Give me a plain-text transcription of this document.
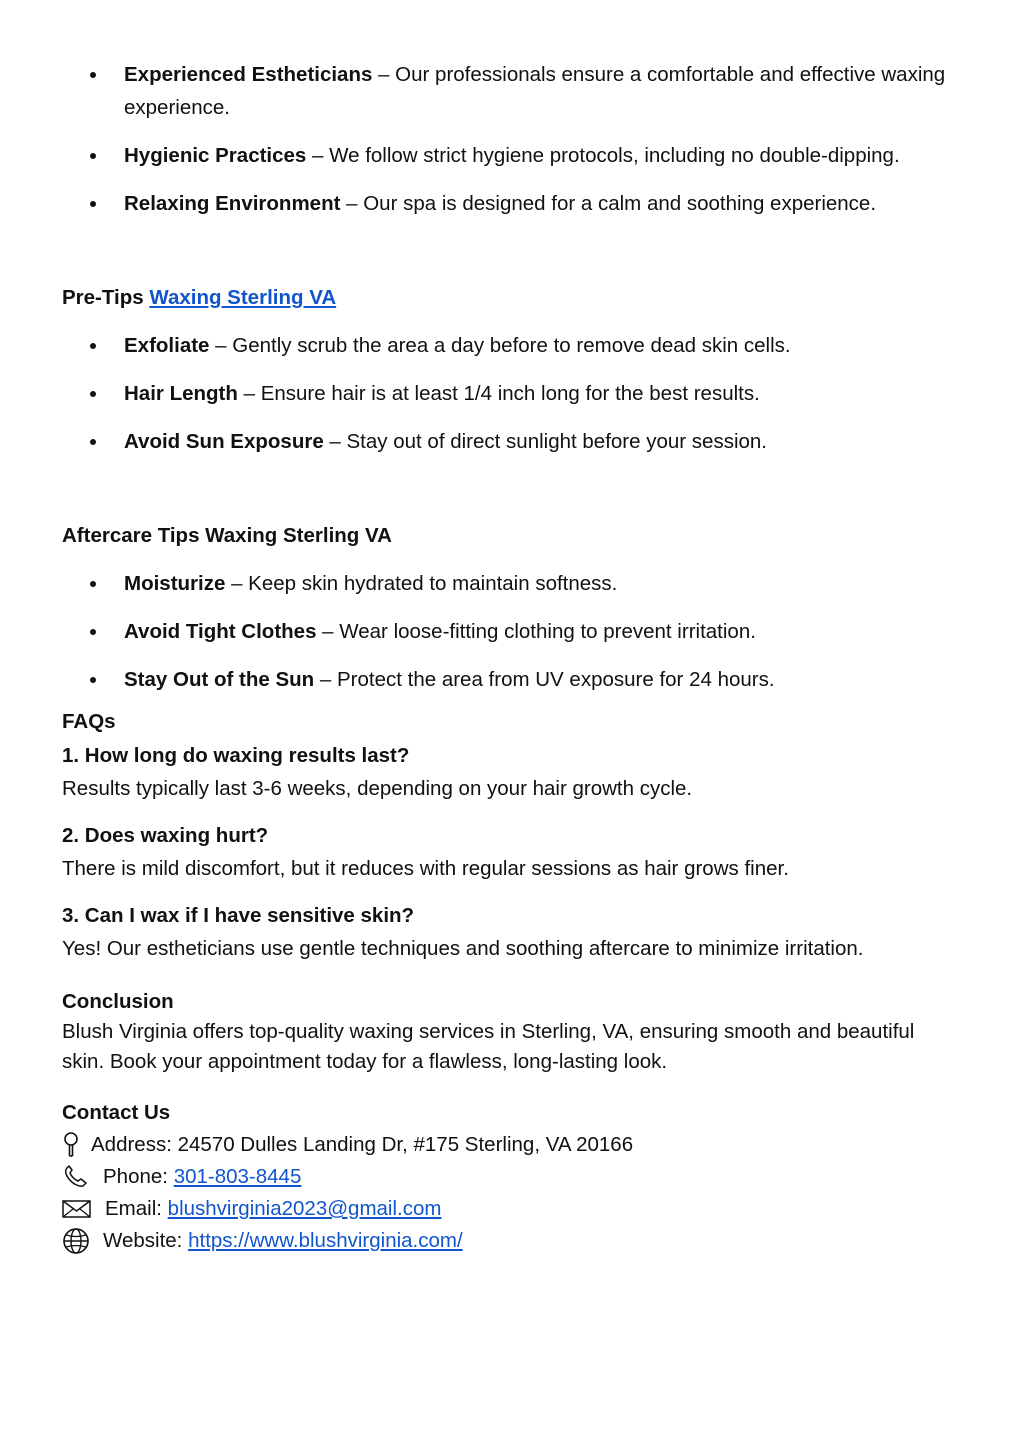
Experienced Estheticians – Our professionals ensure a comfortable and effective waxing experience.
Hygienic Practices – We follow strict hygiene protocols, including no double-dipping.
Relaxing Environment – Our spa is designed for a calm and soothing experience.
Pre-Tips Waxing Sterling VA
Exfoliate – Gently scrub the area a day before to remove dead skin cells.
Hair Length – Ensure hair is at least 1/4 inch long for the best results.
Avoid Sun Exposure – Stay out of direct sunlight before your session.
Aftercare Tips Waxing Sterling VA
Moisturize – Keep skin hydrated to maintain softness.
Avoid Tight Clothes – Wear loose-fitting clothing to prevent irritation.
Stay Out of the Sun – Protect the area from UV exposure for 24 hours.
FAQs
1. How long do waxing results last?
Results typically last 3-6 weeks, depending on your hair growth cycle.
2. Does waxing hurt?
There is mild discomfort, but it reduces with regular sessions as hair grows finer.
3. Can I wax if I have sensitive skin?
Yes! Our estheticians use gentle techniques and soothing aftercare to minimize irritation.
Conclusion
Blush Virginia offers top-quality waxing services in Sterling, VA, ensuring smooth and beautiful skin. Book your appointment today for a flawless, long-lasting look.
Contact Us
Address: 24570 Dulles Landing Dr, #175 Sterling, VA 20166
Phone:
301-803-8445
Email:
blushvirginia2023@gmail.com
Website:
https://www.blushvirginia.com/
